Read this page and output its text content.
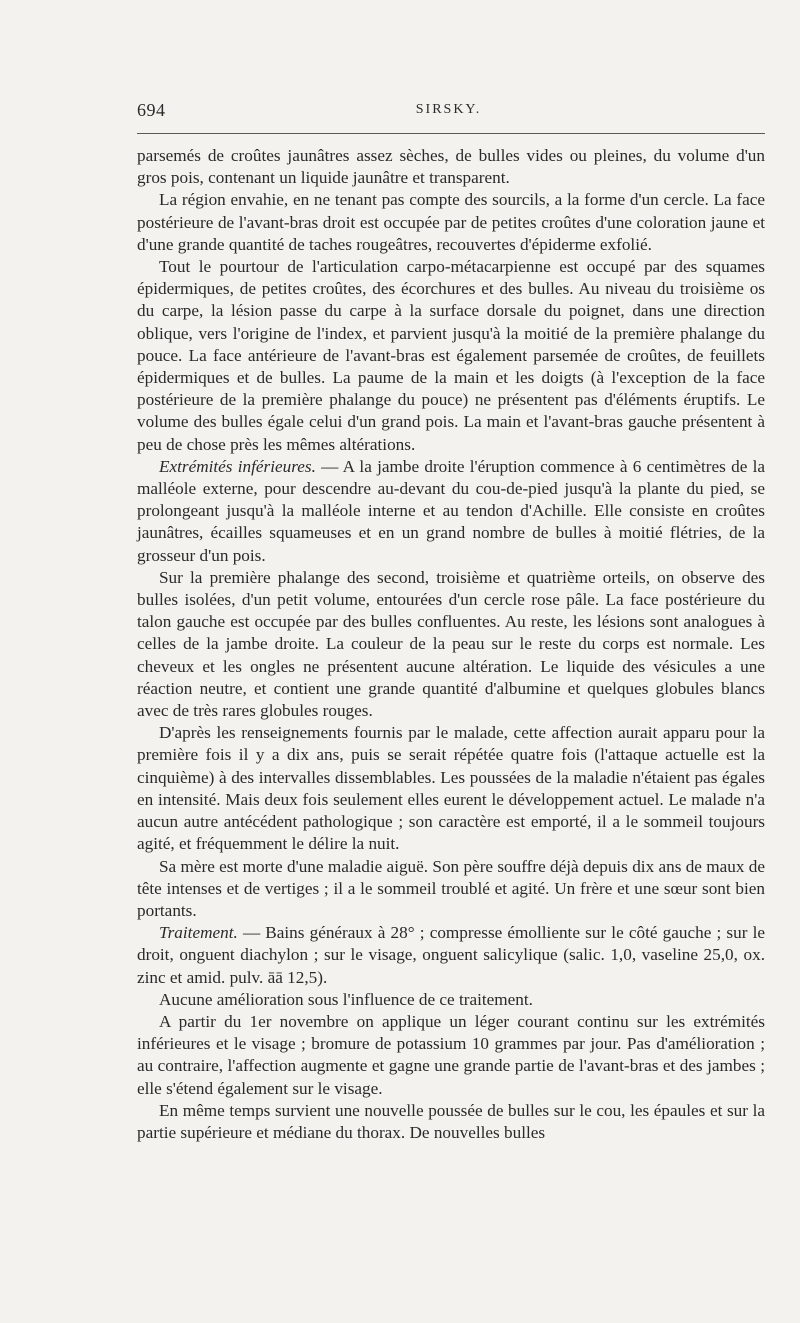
694	SIRSKY.

parsemés de croûtes jaunâtres assez sèches, de bulles vides ou pleines, du volume d'un gros pois, contenant un liquide jaunâtre et transparent.

La région envahie, en ne tenant pas compte des sourcils, a la forme d'un cercle. La face postérieure de l'avant-bras droit est occupée par de petites croûtes d'une coloration jaune et d'une grande quantité de taches rougeâtres, recouvertes d'épiderme exfolié.

Tout le pourtour de l'articulation carpo-métacarpienne est occupé par des squames épidermiques, de petites croûtes, des écorchures et des bulles. Au niveau du troisième os du carpe, la lésion passe du carpe à la surface dorsale du poignet, dans une direction oblique, vers l'origine de l'index, et parvient jusqu'à la moitié de la première phalange du pouce. La face antérieure de l'avant-bras est également parsemée de croûtes, de feuillets épidermiques et de bulles. La paume de la main et les doigts (à l'exception de la face postérieure de la première phalange du pouce) ne présentent pas d'éléments éruptifs. Le volume des bulles égale celui d'un grand pois. La main et l'avant-bras gauche présentent à peu de chose près les mêmes altérations.

Extrémités inférieures. — A la jambe droite l'éruption commence à 6 centimètres de la malléole externe, pour descendre au-devant du cou-de-pied jusqu'à la plante du pied, se prolongeant jusqu'à la malléole interne et au tendon d'Achille. Elle consiste en croûtes jaunâtres, écailles squameuses et en un grand nombre de bulles à moitié flétries, de la grosseur d'un pois.

Sur la première phalange des second, troisième et quatrième orteils, on observe des bulles isolées, d'un petit volume, entourées d'un cercle rose pâle. La face postérieure du talon gauche est occupée par des bulles confluentes. Au reste, les lésions sont analogues à celles de la jambe droite. La couleur de la peau sur le reste du corps est normale. Les cheveux et les ongles ne présentent aucune altération. Le liquide des vésicules a une réaction neutre, et contient une grande quantité d'albumine et quelques globules blancs avec de très rares globules rouges.

D'après les renseignements fournis par le malade, cette affection aurait apparu pour la première fois il y a dix ans, puis se serait répétée quatre fois (l'attaque actuelle est la cinquième) à des intervalles dissemblables. Les poussées de la maladie n'étaient pas égales en intensité. Mais deux fois seulement elles eurent le développement actuel. Le malade n'a aucun autre antécédent pathologique ; son caractère est emporté, il a le sommeil toujours agité, et fréquemment le délire la nuit.

Sa mère est morte d'une maladie aiguë. Son père souffre déjà depuis dix ans de maux de tête intenses et de vertiges ; il a le sommeil troublé et agité. Un frère et une sœur sont bien portants.

Traitement. — Bains généraux à 28° ; compresse émolliente sur le côté gauche ; sur le droit, onguent diachylon ; sur le visage, onguent salicylique (salic. 1,0, vaseline 25,0, ox. zinc et amid. pulv. āā 12,5).

Aucune amélioration sous l'influence de ce traitement.

A partir du 1er novembre on applique un léger courant continu sur les extrémités inférieures et le visage ; bromure de potassium 10 grammes par jour. Pas d'amélioration ; au contraire, l'affection augmente et gagne une grande partie de l'avant-bras et des jambes ; elle s'étend également sur le visage.

En même temps survient une nouvelle poussée de bulles sur le cou, les épaules et sur la partie supérieure et médiane du thorax. De nouvelles bulles
